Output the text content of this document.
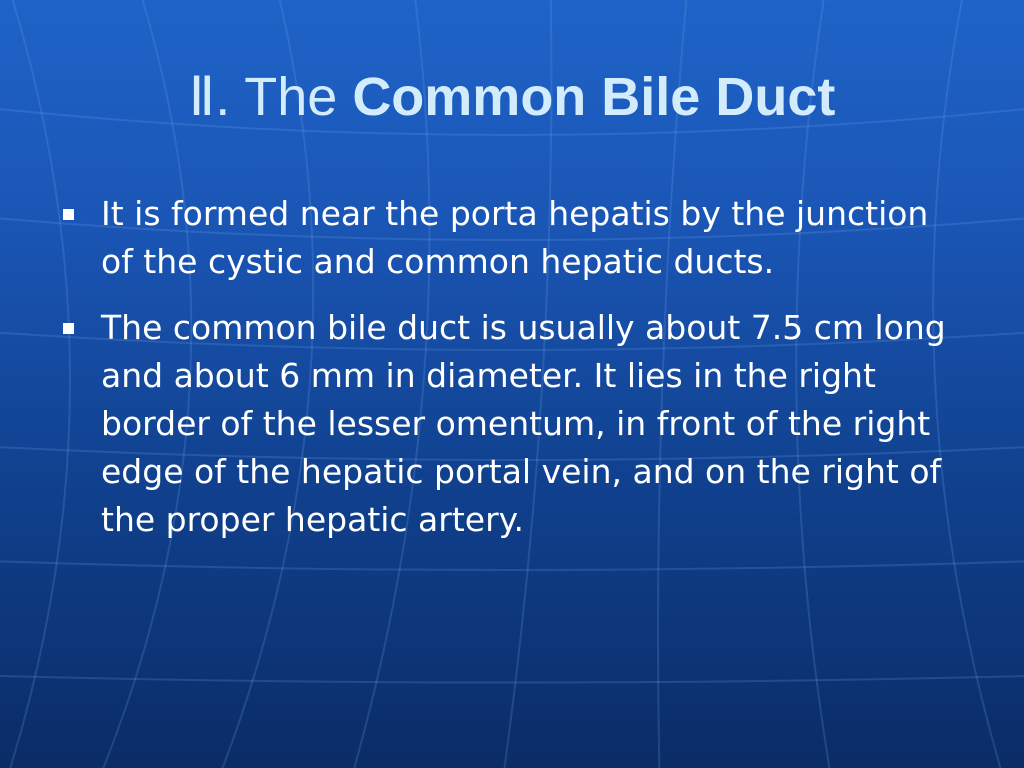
Ⅱ. The Common Bile Duct
It is formed near the porta hepatis by the junction of the cystic and common hepatic ducts.
The common bile duct is usually about 7.5 cm long and about 6 mm in diameter. It lies in the right border of the lesser omentum, in front of the right edge of the hepatic portal vein, and on the right of the proper hepatic artery.
